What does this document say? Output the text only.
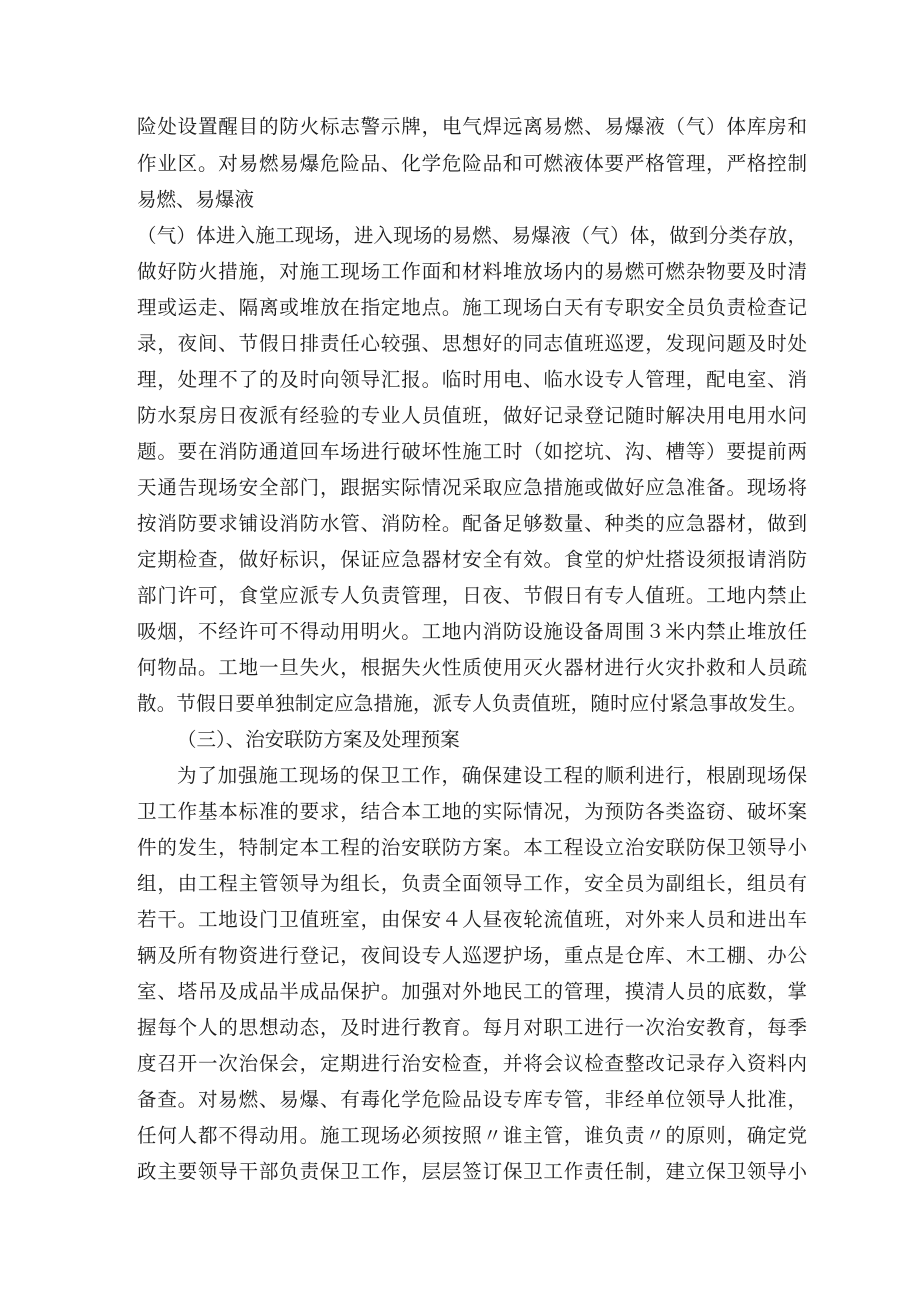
险处设置醒目的防火标志警示牌，电气焊远离易燃、易爆液（气）体库房和

作业区。对易燃易爆危险品、化学危险品和可燃液体要严格管理，严格控制

易燃、易爆液

（气）体进入施工现场，进入现场的易燃、易爆液（气）体，做到分类存放，

做好防火措施，对施工现场工作面和材料堆放场内的易燃可燃杂物要及时清

理或运走、隔离或堆放在指定地点。施工现场白天有专职安全员负责检查记

录，夜间、节假日排责任心较强、思想好的同志值班巡逻，发现问题及时处

理，处理不了的及时向领导汇报。临时用电、临水设专人管理，配电室、消

防水泵房日夜派有经验的专业人员值班，做好记录登记随时解决用电用水问

题。要在消防通道回车场进行破坏性施工时（如挖坑、沟、槽等）要提前两

天通告现场安全部门，跟据实际情况采取应急措施或做好应急准备。现场将

按消防要求铺设消防水管、消防栓。配备足够数量、种类的应急器材，做到

定期检查，做好标识，保证应急器材安全有效。食堂的炉灶搭设须报请消防

部门许可，食堂应派专人负责管理，日夜、节假日有专人值班。工地内禁止

吸烟，不经许可不得动用明火。工地内消防设施设备周围３米内禁止堆放任

何物品。工地一旦失火，根据失火性质使用灭火器材进行火灾扑救和人员疏

散。节假日要单独制定应急措施，派专人负责值班，随时应付紧急事故发生。

（三）、治安联防方案及处理预案

为了加强施工现场的保卫工作，确保建设工程的顺利进行，根剧现场保

卫工作基本标准的要求，结合本工地的实际情况，为预防各类盗窃、破坏案

件的发生，特制定本工程的治安联防方案。本工程设立治安联防保卫领导小

组，由工程主管领导为组长，负责全面领导工作，安全员为副组长，组员有

若干。工地设门卫值班室，由保安４人昼夜轮流值班，对外来人员和进出车

辆及所有物资进行登记，夜间设专人巡逻护场，重点是仓库、木工棚、办公

室、塔吊及成品半成品保护。加强对外地民工的管理，摸清人员的底数，掌

握每个人的思想动态，及时进行教育。每月对职工进行一次治安教育，每季

度召开一次治保会，定期进行治安检查，并将会议检查整改记录存入资料内

备查。对易燃、易爆、有毒化学危险品设专库专管，非经单位领导人批准，

任何人都不得动用。施工现场必须按照〃谁主管，谁负责〃的原则，确定党

政主要领导干部负责保卫工作，层层签订保卫工作责任制，建立保卫领导小
